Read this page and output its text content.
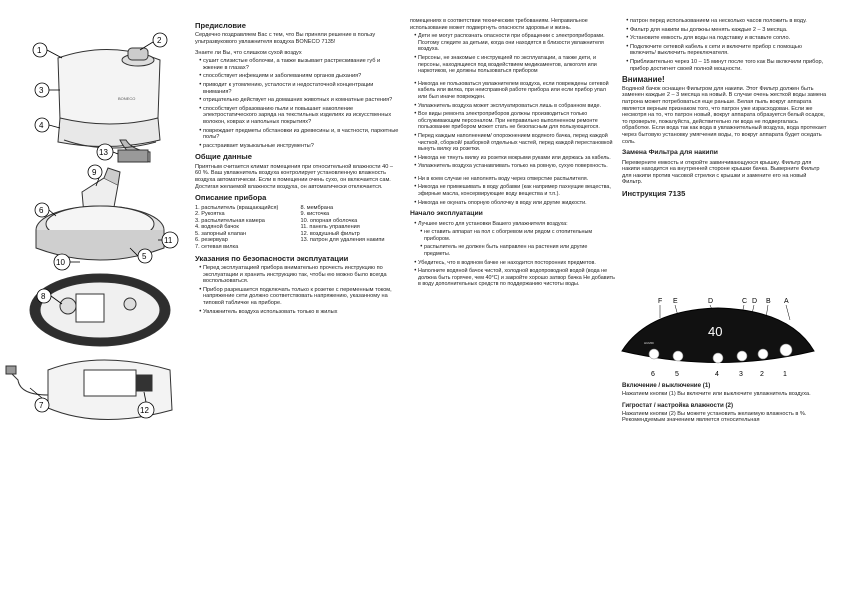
1
2
3
4
13
9
6
5
8
10
11
7
12
BONECO
Предисловие

Сердечно поздравляем Вас с тем, что Вы приняли решение в пользу ультразвукового увлажнителя воздуха BONECO 7135!

Знаете ли Вы, что слишком сухой воздух

• сушит слизистые оболочки, а также вызывает растрескивание губ и жжение в глазах?
• способствует инфекциям и заболеваниям органов дыхания?
• приводит к утомлению, усталости и недостаточной концентрации внимания?
• отрицательно действует на домашних животных и комнатные растения?
• способствует образованию пыли и повышает накопление электростатического заряда на текстильных изделиях из искусственных волокон, коврах и напольных покрытиях?
• повреждает предметы обстановки из древесины и, в частности, паркетные полы?
• расстраивает музыкальные инструменты?
Общие данные

Приятным считается климат помещения при относительной влажности 40 – 60 %. Ваш увлажнитель воздуха контролирует установленную влажность воздуха автоматически. Если в помещении очень сухо, он включается сам. Достигая желаемой влажности воздуха, он автоматически отключается.

Описание прибора
1. распылитель (вращающийся)
2. Рукоятка
3. распылительная камера
4. водяной бачок
5. запорный клапан
6. резервуар
7. сетевая вилка
8. мембрана
9. кисточка
10. опорная оболочка
11. панель управления
12. воздушный фильтр
13. патрон для удаления накипи
Указания по безопасности эксплуатации
• Перед эксплуатацией прибора внимательно прочесть инструкцию по эксплуатации и хранить инструкцию так, чтобы ею можно было всегда воспользоваться.
• Прибор разрешается подключать только к розетке с переменным током, напряжение сети должно соответствовать напряжению, указанному на типовой табличке на приборе.
• Увлажнитель воздуха использовать только в жилых

помещениях в соответствии техническим требованиям. Неправильное использование может подвергнуть опасности здоровье и жизнь.

• Дети не могут распознать опасности при обращении с электроприборами. Поэтому следите за детьми, когда они находятся в близости увлажнителя воздуха.
• Персоны, не знакомые с инструкцией по эксплуатации, а также дети, и персоны, находящиеся под воздействием медикаментов, алкоголя или наркотиков, не должны пользоваться прибором
• Никогда не пользоваться увлажнителем воздуха, если повреждены сетевой кабель или вилка, при неисправной работе прибора или если прибор упал или был иначе поврежден.
• Увлажнитель воздуха может эксплуатироваться лишь в собранном виде.
• Все виды ремонта электроприборов должны производиться только обслуживающим персоналом. При неправильно выполненном ремонте пользование прибором может стать не безопасным для пользующегося.
• Перед каждым наполнением/ опорожнением водяного бачка, перед каждой чисткой, сборкой/ разборкой отдельных частей, перед каждой перестановкой вынуть вилку из розетки.
• Никогда не тянуть вилку из розетки мокрыми руками или держась за кабель.
• Увлажнитель воздуха устанавливать только на ровную, сухую поверхность.
• Ни в коем случае не наполнять воду через отверстие распылителя.
• Никогда не примешивать в воду добавки (как например пахнущие вещества, эфирные масла, консервирующие воду вещества и т.п.).
• Никогда не окунать опорную оболочку в воду или другие жидкости.
Начало эксплуатации
• Лучшее место для установки Вашего увлажнителя воздуха:
• не ставить аппарат на пол с обогревом или рядом с отопительным прибором.
• распылитель не должен быть направлен на растения или другие предметы.
• Убедитесь, что в водяном бачке не находится посторонних предметов.
• Наполните водяной бачок чистой, холодной водопроводной водой (вода не должна быть горячее, чем 40°C) и закройте хорошо затвор бачка Не добавить в воду дополнительных средств по поддержанию чистоты воды.
• патрон перед использованием на несколько часов положить в воду.
• Фильтр для накипи вы должны менять каждые 2 – 3 месяца.
• Установите емкость для воды на подставку и вставьте сопло.
• Подключите сетевой кабель к сети и включите прибор с помощью включить/ выключить переключателя.
• Приблизительно через 10 – 15 минут после того как Вы включили прибор, прибор достигнет своей полной мощности.
Внимание!

Водяной бачок оснащен Фильтром для накипи. Этот Фильтр должен быть заменен каждые 2 – 3 месяца на новый. В случае очень жесткой воды замена патрона может потребоваться еще раньше. Белая пыль вокруг аппарата является верным признаком того, что патрон уже израсходован. Если же несмотря на то, что патрон новый, вокруг аппарата образуется белый осадок, то проверьте, пожалуйста, действительно ли вода не подвергалась обработке. Если вода так как вода в увлажнительный воздуха, вода протекает через бытовую установку умягчения воды, то вокруг аппарата будет оседать соль.

Замена Фильтра для накипи

Переверните емкость и откройте завинчивающуюся крышку. Фильтр для накипи находится на внутренней стороне крышки бачка. Выверните Фильтр для накипи против часовой стрелки с крышки и замените его на новый Фильтр.

Инструкция 7135
F E	D	C D B A
HUMID
40
6	5	4	3 2	1
Включение / выключение (1)

Нажатием кнопки (1) Вы включите или выключите увлажнитель воздуха.

Гигростат / настройка влажности (2)

Нажатием кнопки (2) Вы можете установить желаемую влажность в %. Рекомендуемым значением является относительная
